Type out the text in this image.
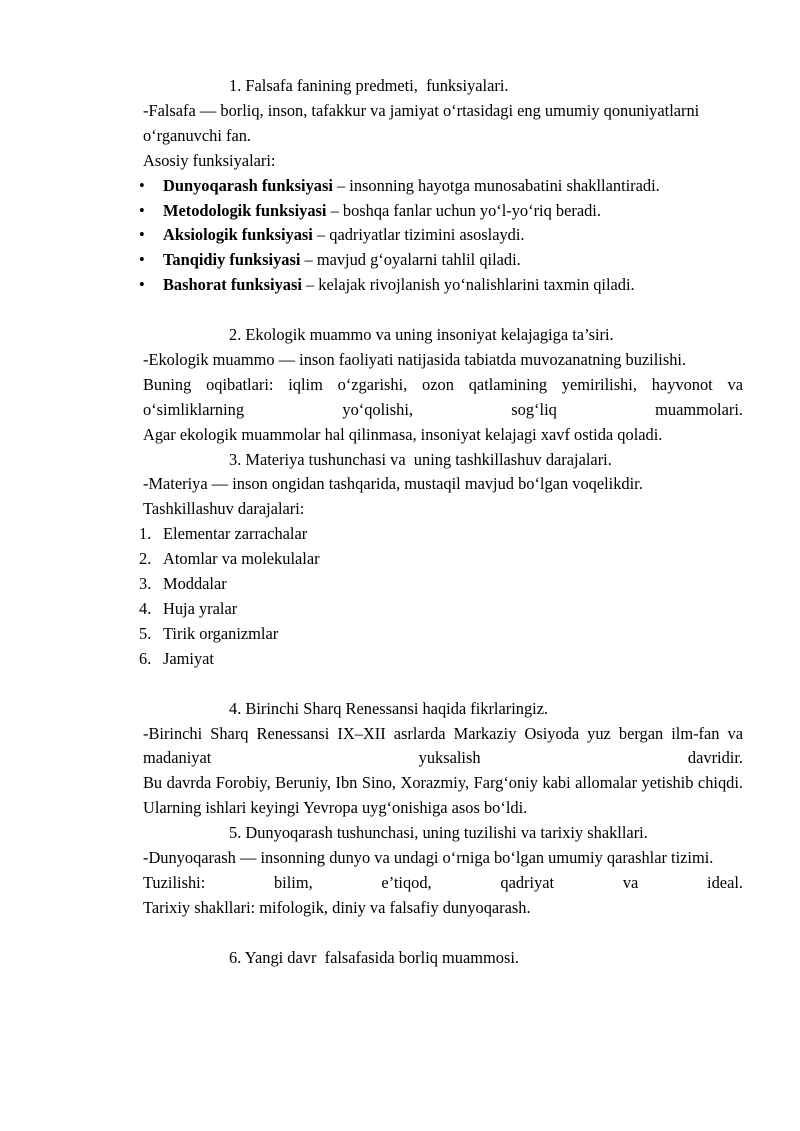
1. Falsafa fanining predmeti,  funksiyalari.

-Falsafa — borliq, inson, tafakkur va jamiyat o‘rtasidagi eng umumiy qonuniyatlarni o‘rganuvchi fan.

Asosiy funksiyalari:

• Dunyoqarash funksiyasi – insonning hayotga munosabatini shakllantiradi.
• Metodologik funksiyasi – boshqa fanlar uchun yo‘l-yo‘riq beradi.
• Aksiologik funksiyasi – qadriyatlar tizimini asoslaydi.
• Tanqidiy funksiyasi – mavjud g‘oyalarni tahlil qiladi.
• Bashorat funksiyasi – kelajak rivojlanish yo‘nalishlarini taxmin qiladi.

2. Ekologik muammo va uning insoniyat kelajagiga ta’siri.

-Ekologik muammo — inson faoliyati natijasida tabiatda muvozanatning buzilishi.

Buning oqibatlari: iqlim o‘zgarishi, ozon qatlamining yemirilishi, hayvonot va o‘simliklarning yo‘qolishi, sog‘liq muammolari.

Agar ekologik muammolar hal qilinmasa, insoniyat kelajagi xavf ostida qoladi.

3. Materiya tushunchasi va  uning tashkillashuv darajalari.

-Materiya — inson ongidan tashqarida, mustaqil mavjud bo‘lgan voqelikdir.

Tashkillashuv darajalari:

1. Elementar zarrachalar
2. Atomlar va molekulalar
3. Moddalar
4. Huja yralar
5. Tirik organizmlar
6. Jamiyat

4. Birinchi Sharq Renessansi haqida fikrlaringiz.

-Birinchi Sharq Renessansi IX–XII asrlarda Markaziy Osiyoda yuz bergan ilm-fan va madaniyat yuksalish davridir.

Bu davrda Forobiy, Beruniy, Ibn Sino, Xorazmiy, Farg‘oniy kabi allomalar yetishib chiqdi.

Ularning ishlari keyingi Yevropa uyg‘onishiga asos bo‘ldi.

5. Dunyoqarash tushunchasi, uning tuzilishi va tarixiy shakllari.

-Dunyoqarash — insonning dunyo va undagi o‘rniga bo‘lgan umumiy qarashlar tizimi.

Tuzilishi: bilim, e’tiqod, qadriyat va ideal.

Tarixiy shakllari: mifologik, diniy va falsafiy dunyoqarash.

6. Yangi davr  falsafasida borliq muammosi.
